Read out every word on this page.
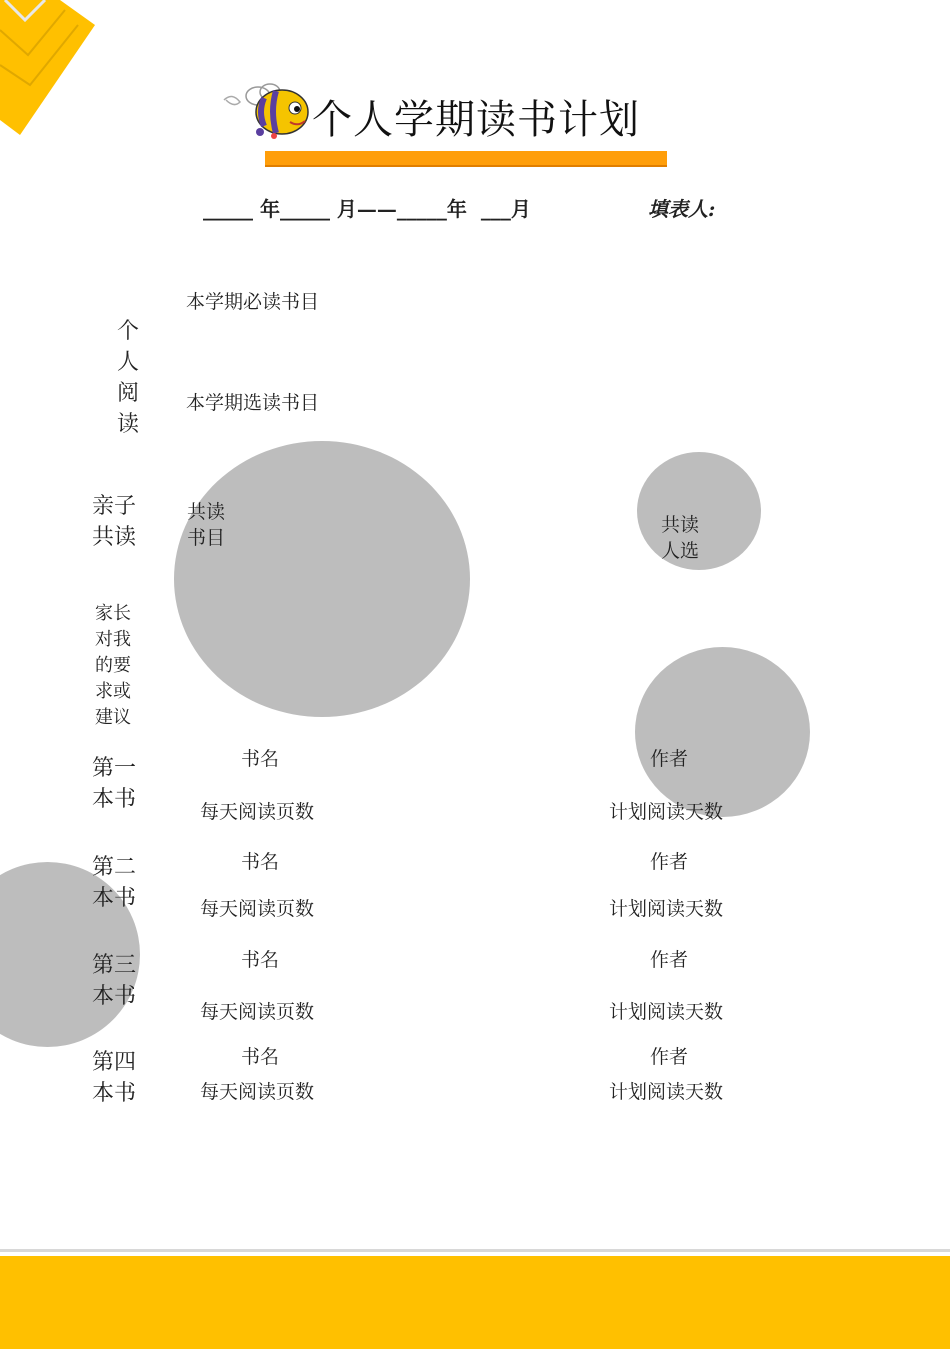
个人学期读书计划
_____ 年_____ 月——_____年  ___月	填表人:
个
人
阅
读
本学期必读书目
本学期选读书目
亲子
共读
共读
书目
共读
人选
家长
对我
的要
求或
建议
第一
本书
书名	作者
每天阅读页数	计划阅读天数
第二
本书
书名	作者
每天阅读页数	计划阅读天数
第三
本书
书名	作者
每天阅读页数	计划阅读天数
第四
本书
书名	作者
每天阅读页数	计划阅读天数
